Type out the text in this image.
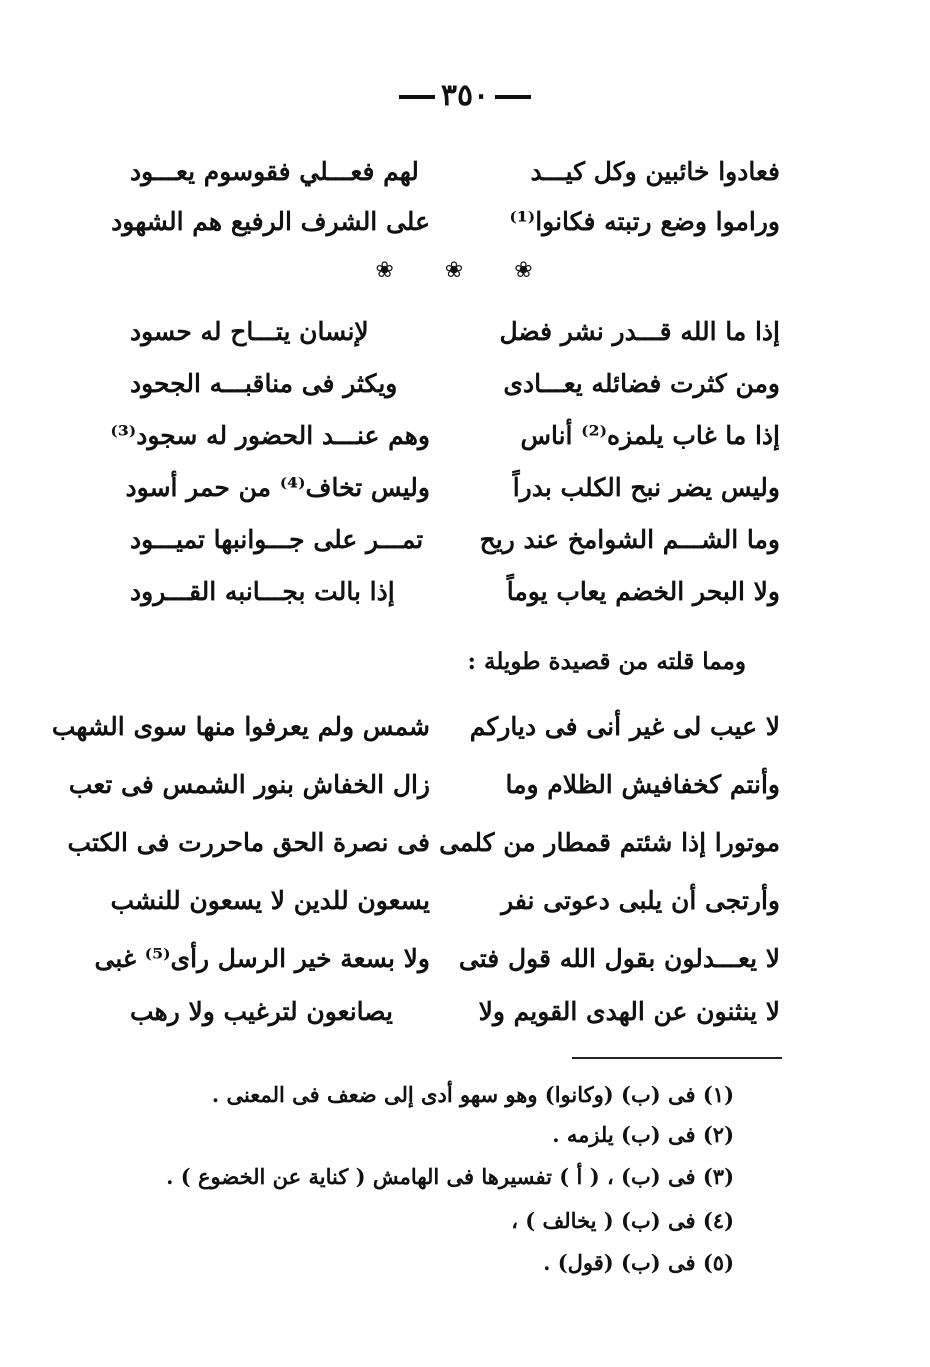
٣٥٠
فعادوا خائبين وكل كيـــد
لهم فعـــلي فقوسوم يعـــود
وراموا وضع رتبته فكانوا⁽¹⁾
على الشرف الرفيع هم الشهود
❀ ❀ ❀
إذا ما الله قـــدر نشر فضل
لإنسان يتـــاح له حسود
ومن كثرت فضائله يعـــادى
ويكثر فى مناقبـــه الجحود
إذا ما غاب يلمزه⁽²⁾ أناس
وهم عنـــد الحضور له سجود⁽³⁾
وليس يضر نبح الكلب بدراً
وليس تخاف⁽⁴⁾ من حمر أسود
وما الشـــم الشوامخ عند ريح
تمـــر على جـــوانبها تميـــود
ولا البحر الخضم يعاب يوماً
إذا بالت بجـــانبه القـــرود
ومما قلته من قصيدة طويلة :
لا عيب لى غير أنى فى دياركم
شمس ولم يعرفوا منها سوى الشهب
وأنتم كخفافيش الظلام وما
زال الخفاش بنور الشمس فى تعب
موتورا إذا شئتم قمطار من كلمى
فى نصرة الحق ماحررت فى الكتب
وأرتجى أن يلبى دعوتى نفر
يسعون للدين لا يسعون للنشب
لا يعـــدلون بقول الله قول فتى
ولا بسعة خير الرسل رأى⁽⁵⁾ غبى
لا ينثنون عن الهدى القويم ولا
يصانعون لترغيب ولا رهب
(١) فى (ب) (وكانوا) وهو سهو أدى إلى ضعف فى المعنى .
(٢) فى (ب) يلزمه .
(٣) فى (ب) ، ( أ ) تفسيرها فى الهامش ( كناية عن الخضوع ) .
(٤) فى (ب) ( يخالف ) ،
(٥) فى (ب) (قول) .
